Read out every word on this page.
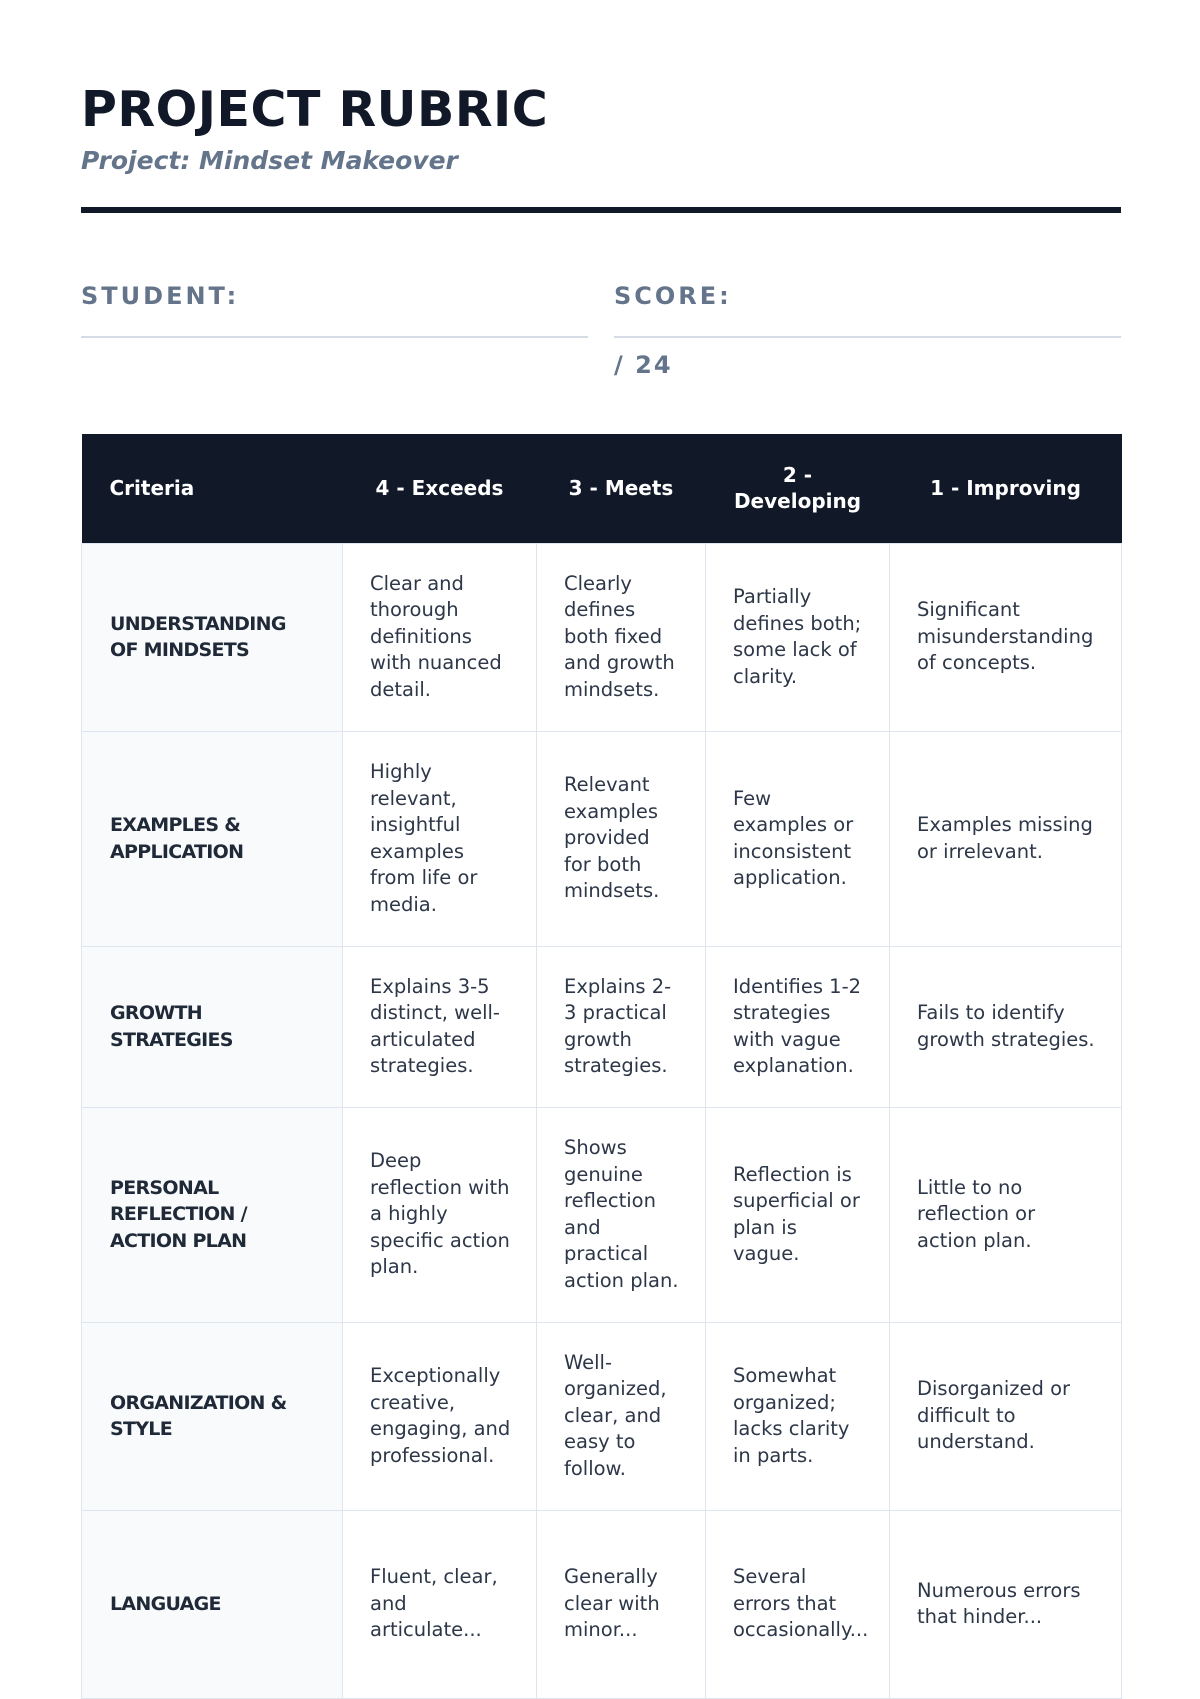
PROJECT RUBRIC
Project: Mindset Makeover
STUDENT:	SCORE:
/ 24
Criteria	4 - Exceeds	3 - Meets	2 - Developing	1 - Improving
UNDERSTANDING OF MINDSETS	Clear and thorough definitions with nuanced detail.	Clearly defines both fixed and growth mindsets.	Partially defines both; some lack of clarity.	Significant misunderstanding of concepts.
EXAMPLES & APPLICATION	Highly relevant, insightful examples from life or media.	Relevant examples provided for both mindsets.	Few examples or inconsistent application.	Examples missing or irrelevant.
GROWTH STRATEGIES	Explains 3-5 distinct, well-articulated strategies.	Explains 2-3 practical growth strategies.	Identifies 1-2 strategies with vague explanation.	Fails to identify growth strategies.
PERSONAL REFLECTION / ACTION PLAN	Deep reflection with a highly specific action plan.	Shows genuine reflection and practical action plan.	Reflection is superficial or plan is vague.	Little to no reflection or action plan.
ORGANIZATION & STYLE	Exceptionally creative, engaging, and professional.	Well-organized, clear, and easy to follow.	Somewhat organized; lacks clarity in parts.	Disorganized or difficult to understand.
LANGUAGE	Fluent, clear, and articulate...	Generally clear with minor...	Several errors that occasionally...	Numerous errors that hinder...
